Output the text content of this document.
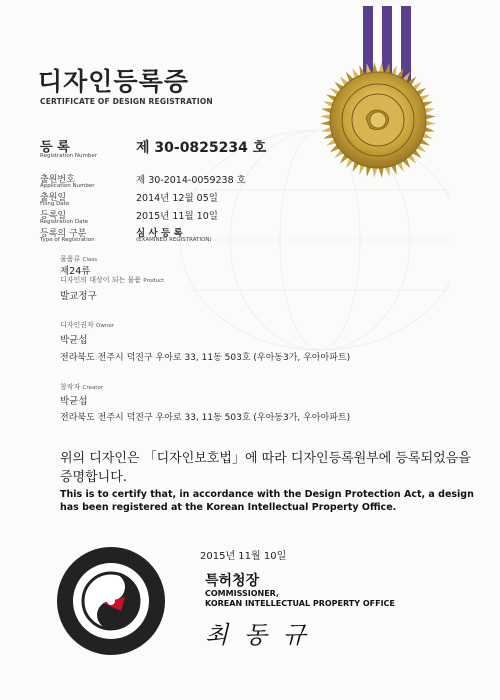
디자인등록증
CERTIFICATE OF DESIGN REGISTRATION
등 록
Registration Number	제 30-0825234 호
출원번호
Application Number	제 30-2014-0059238 호
출원일
Filing Date	2014년 12월 05일
등록일
Registration Date	2015년 11월 10일
등록의 구분
Type of Registration
심 사 등 록
(EXAMINED REGISTRATION)
물품류 Class
제24류
디자인의 대상이 되는 물품 Product
발교정구
디자인권자 Owner
박균섭
전라북도 전주시 덕진구 우아로 33, 11동 503호 (우아동3가, 우아아파트)
창작자 Creator
박균섭
전라북도 전주시 덕진구 우아로 33, 11동 503호 (우아동3가, 우아아파트)
위의 디자인은 「디자인보호법」에 따라 디자인등록원부에 등록되었음을
증명합니다.
This is to certify that, in accordance with the Design Protection Act, a design
has been registered at the Korean Intellectual Property Office.
2015년 11월 10일
특허청장
COMMISSIONER,
KOREAN INTELLECTUAL PROPERTY OFFICE
최 동 규
